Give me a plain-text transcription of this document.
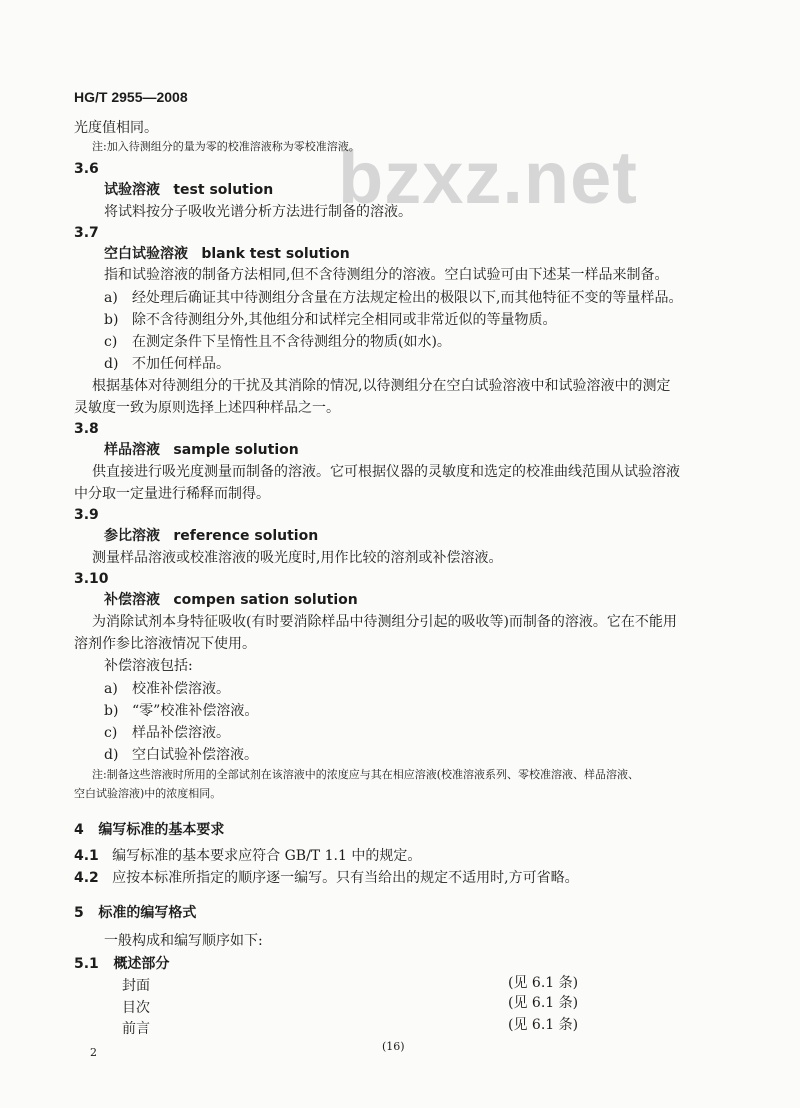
bzxz.net
HG/T 2955—2008
光度值相同。
注:加入待测组分的量为零的校准溶液称为零校准溶液。
3.6
试验溶液 test solution
将试料按分子吸收光谱分析方法进行制备的溶液。
3.7
空白试验溶液 blank test solution
指和试验溶液的制备方法相同,但不含待测组分的溶液。空白试验可由下述某一样品来制备。
a) 经处理后确证其中待测组分含量在方法规定检出的极限以下,而其他特征不变的等量样品。
b) 除不含待测组分外,其他组分和试样完全相同或非常近似的等量物质。
c) 在测定条件下呈惰性且不含待测组分的物质(如水)。
d) 不加任何样品。
根据基体对待测组分的干扰及其消除的情况,以待测组分在空白试验溶液中和试验溶液中的测定
灵敏度一致为原则选择上述四种样品之一。
3.8
样品溶液 sample solution
供直接进行吸光度测量而制备的溶液。它可根据仪器的灵敏度和选定的校准曲线范围从试验溶液
中分取一定量进行稀释而制得。
3.9
参比溶液 reference solution
测量样品溶液或校准溶液的吸光度时,用作比较的溶剂或补偿溶液。
3.10
补偿溶液 compen sation solution
为消除试剂本身特征吸收(有时要消除样品中待测组分引起的吸收等)而制备的溶液。它在不能用
溶剂作参比溶液情况下使用。
补偿溶液包括:
a) 校准补偿溶液。
b) “零”校准补偿溶液。
c) 样品补偿溶液。
d) 空白试验补偿溶液。
注:制备这些溶液时所用的全部试剂在该溶液中的浓度应与其在相应溶液(校准溶液系列、零校准溶液、样品溶液、
空白试验溶液)中的浓度相同。
4 编写标准的基本要求
4.1 编写标准的基本要求应符合 GB/T 1.1 中的规定。
4.2 应按本标准所指定的顺序逐一编写。只有当给出的规定不适用时,方可省略。
5 标准的编写格式
一般构成和编写顺序如下:
5.1 概述部分
封面	(见 6.1 条)
目次	(见 6.1 条)
前言	(见 6.1 条)
2	(16)
